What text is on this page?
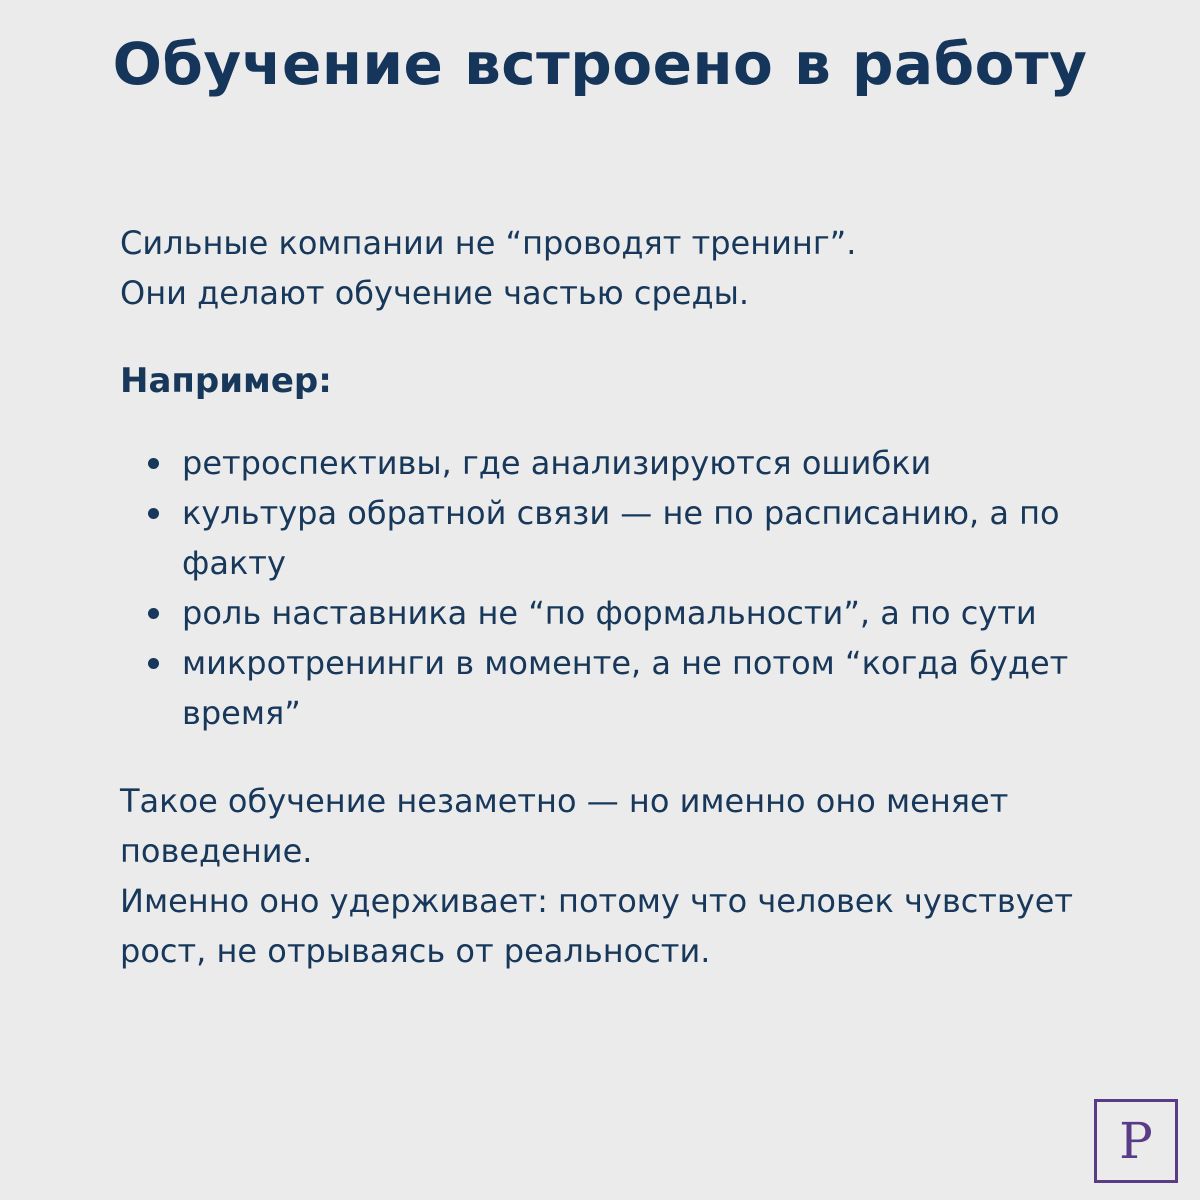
Обучение встроено в работу

Сильные компании не “проводят тренинг”.

Они делают обучение частью среды.

Например:
ретроспективы, где анализируются ошибки
культура обратной связи — не по расписанию, а по факту
роль наставника не “по формальности”, а по сути
микротренинги в моменте, а не потом “когда будет время”

Такое обучение незаметно — но именно оно меняет поведение.

Именно оно удерживает: потому что человек чувствует рост, не отрываясь от реальности.

P
